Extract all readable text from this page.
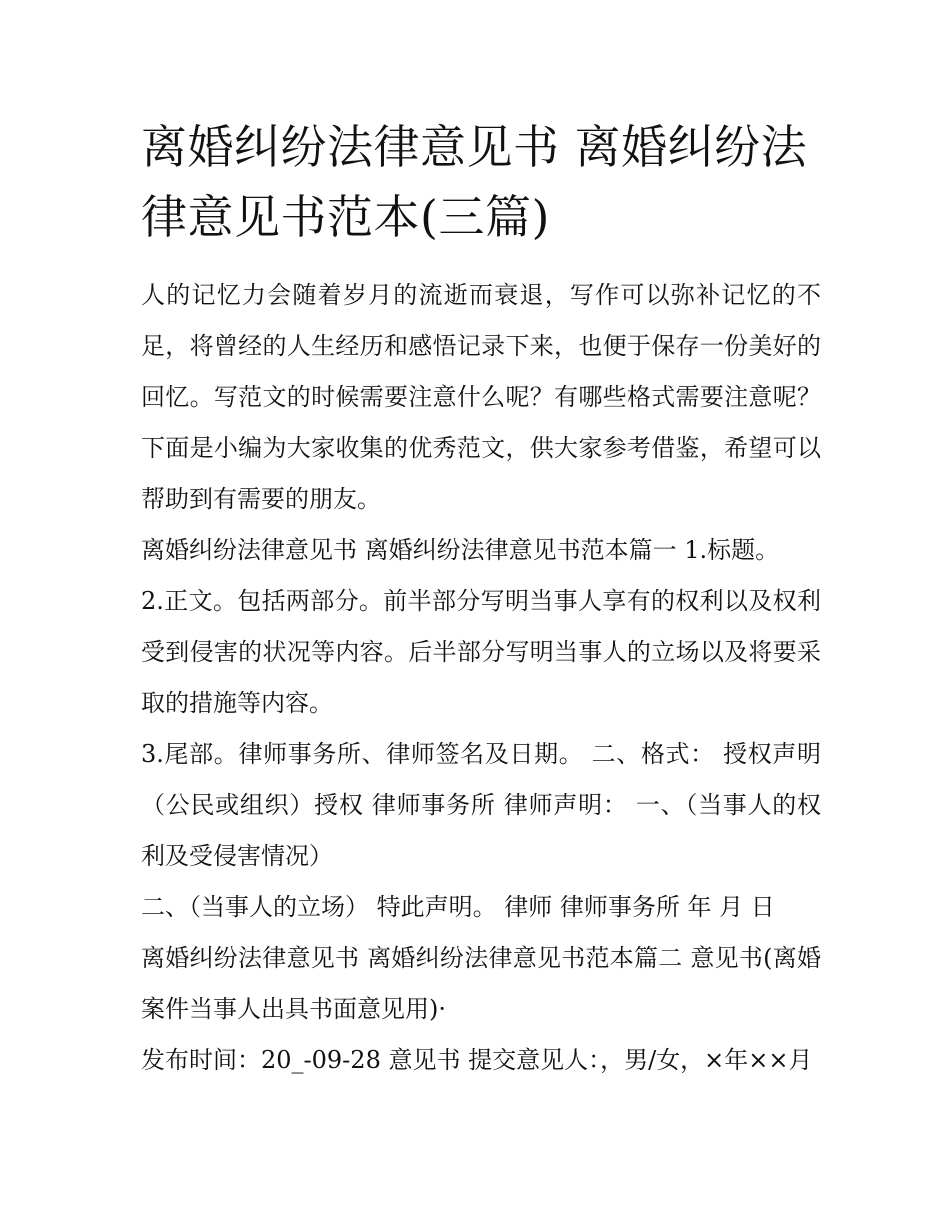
离婚纠纷法律意见书 离婚纠纷法律意见书范本(三篇)

人的记忆力会随着岁月的流逝而衰退，写作可以弥补记忆的不足，将曾经的人生经历和感悟记录下来，也便于保存一份美好的回忆。写范文的时候需要注意什么呢？有哪些格式需要注意呢？下面是小编为大家收集的优秀范文，供大家参考借鉴，希望可以帮助到有需要的朋友。

离婚纠纷法律意见书 离婚纠纷法律意见书范本篇一 1.标题。

2.正文。包括两部分。前半部分写明当事人享有的权利以及权利受到侵害的状况等内容。后半部分写明当事人的立场以及将要采取的措施等内容。

3.尾部。律师事务所、律师签名及日期。 二、格式： 授权声明 （公民或组织）授权 律师事务所 律师声明： 一、（当事人的权利及受侵害情况）

二、（当事人的立场） 特此声明。 律师 律师事务所 年 月 日

离婚纠纷法律意见书 离婚纠纷法律意见书范本篇二 意见书(离婚案件当事人出具书面意见用)·

发布时间：20_-09-28 意见书 提交意见人：，男/女，×年××月
